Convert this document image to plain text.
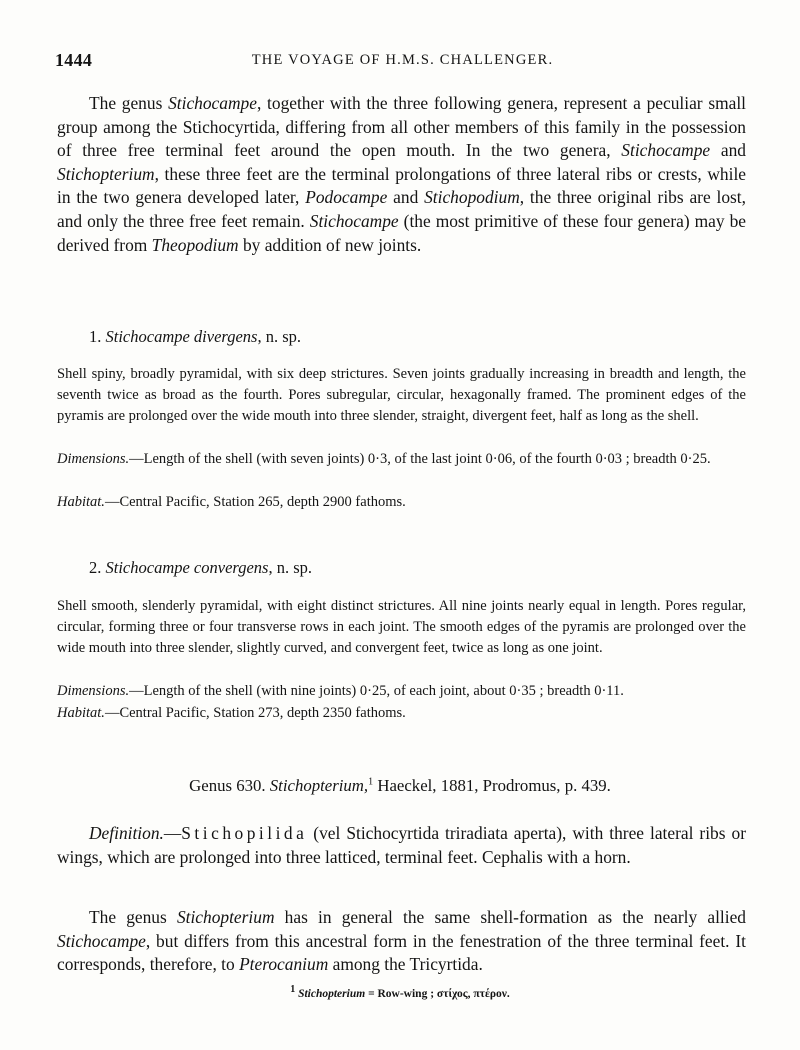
1444	THE VOYAGE OF H.M.S. CHALLENGER.

The genus Stichocampe, together with the three following genera, represent a peculiar small group among the Stichocyrtida, differing from all other members of this family in the possession of three free terminal feet around the open mouth. In the two genera, Stichocampe and Stichopterium, these three feet are the terminal prolongations of three lateral ribs or crests, while in the two genera developed later, Podocampe and Stichopodium, the three original ribs are lost, and only the three free feet remain. Stichocampe (the most primitive of these four genera) may be derived from Theopodium by addition of new joints.

1. Stichocampe divergens, n. sp.

Shell spiny, broadly pyramidal, with six deep strictures. Seven joints gradually increasing in breadth and length, the seventh twice as broad as the fourth. Pores subregular, circular, hexagonally framed. The prominent edges of the pyramis are prolonged over the wide mouth into three slender, straight, divergent feet, half as long as the shell.

Dimensions.—Length of the shell (with seven joints) 0·3, of the last joint 0·06, of the fourth 0·03 ; breadth 0·25.

Habitat.—Central Pacific, Station 265, depth 2900 fathoms.

2. Stichocampe convergens, n. sp.

Shell smooth, slenderly pyramidal, with eight distinct strictures. All nine joints nearly equal in length. Pores regular, circular, forming three or four transverse rows in each joint. The smooth edges of the pyramis are prolonged over the wide mouth into three slender, slightly curved, and convergent feet, twice as long as one joint.

Dimensions.—Length of the shell (with nine joints) 0·25, of each joint, about 0·35 ; breadth 0·11.

Habitat.—Central Pacific, Station 273, depth 2350 fathoms.

Genus 630. Stichopterium,$^1$ Haeckel, 1881, Prodromus, p. 439.

Definition.—Stichopilida (vel Stichocyrtida triradiata aperta), with three lateral ribs or wings, which are prolonged into three latticed, terminal feet. Cephalis with a horn.

The genus Stichopterium has in general the same shell-formation as the nearly allied Stichocampe, but differs from this ancestral form in the fenestration of the three terminal feet. It corresponds, therefore, to Pterocanium among the Tricyrtida.

$^1$ Stichopterium = Row-wing ; στίχος, πτέρον.
